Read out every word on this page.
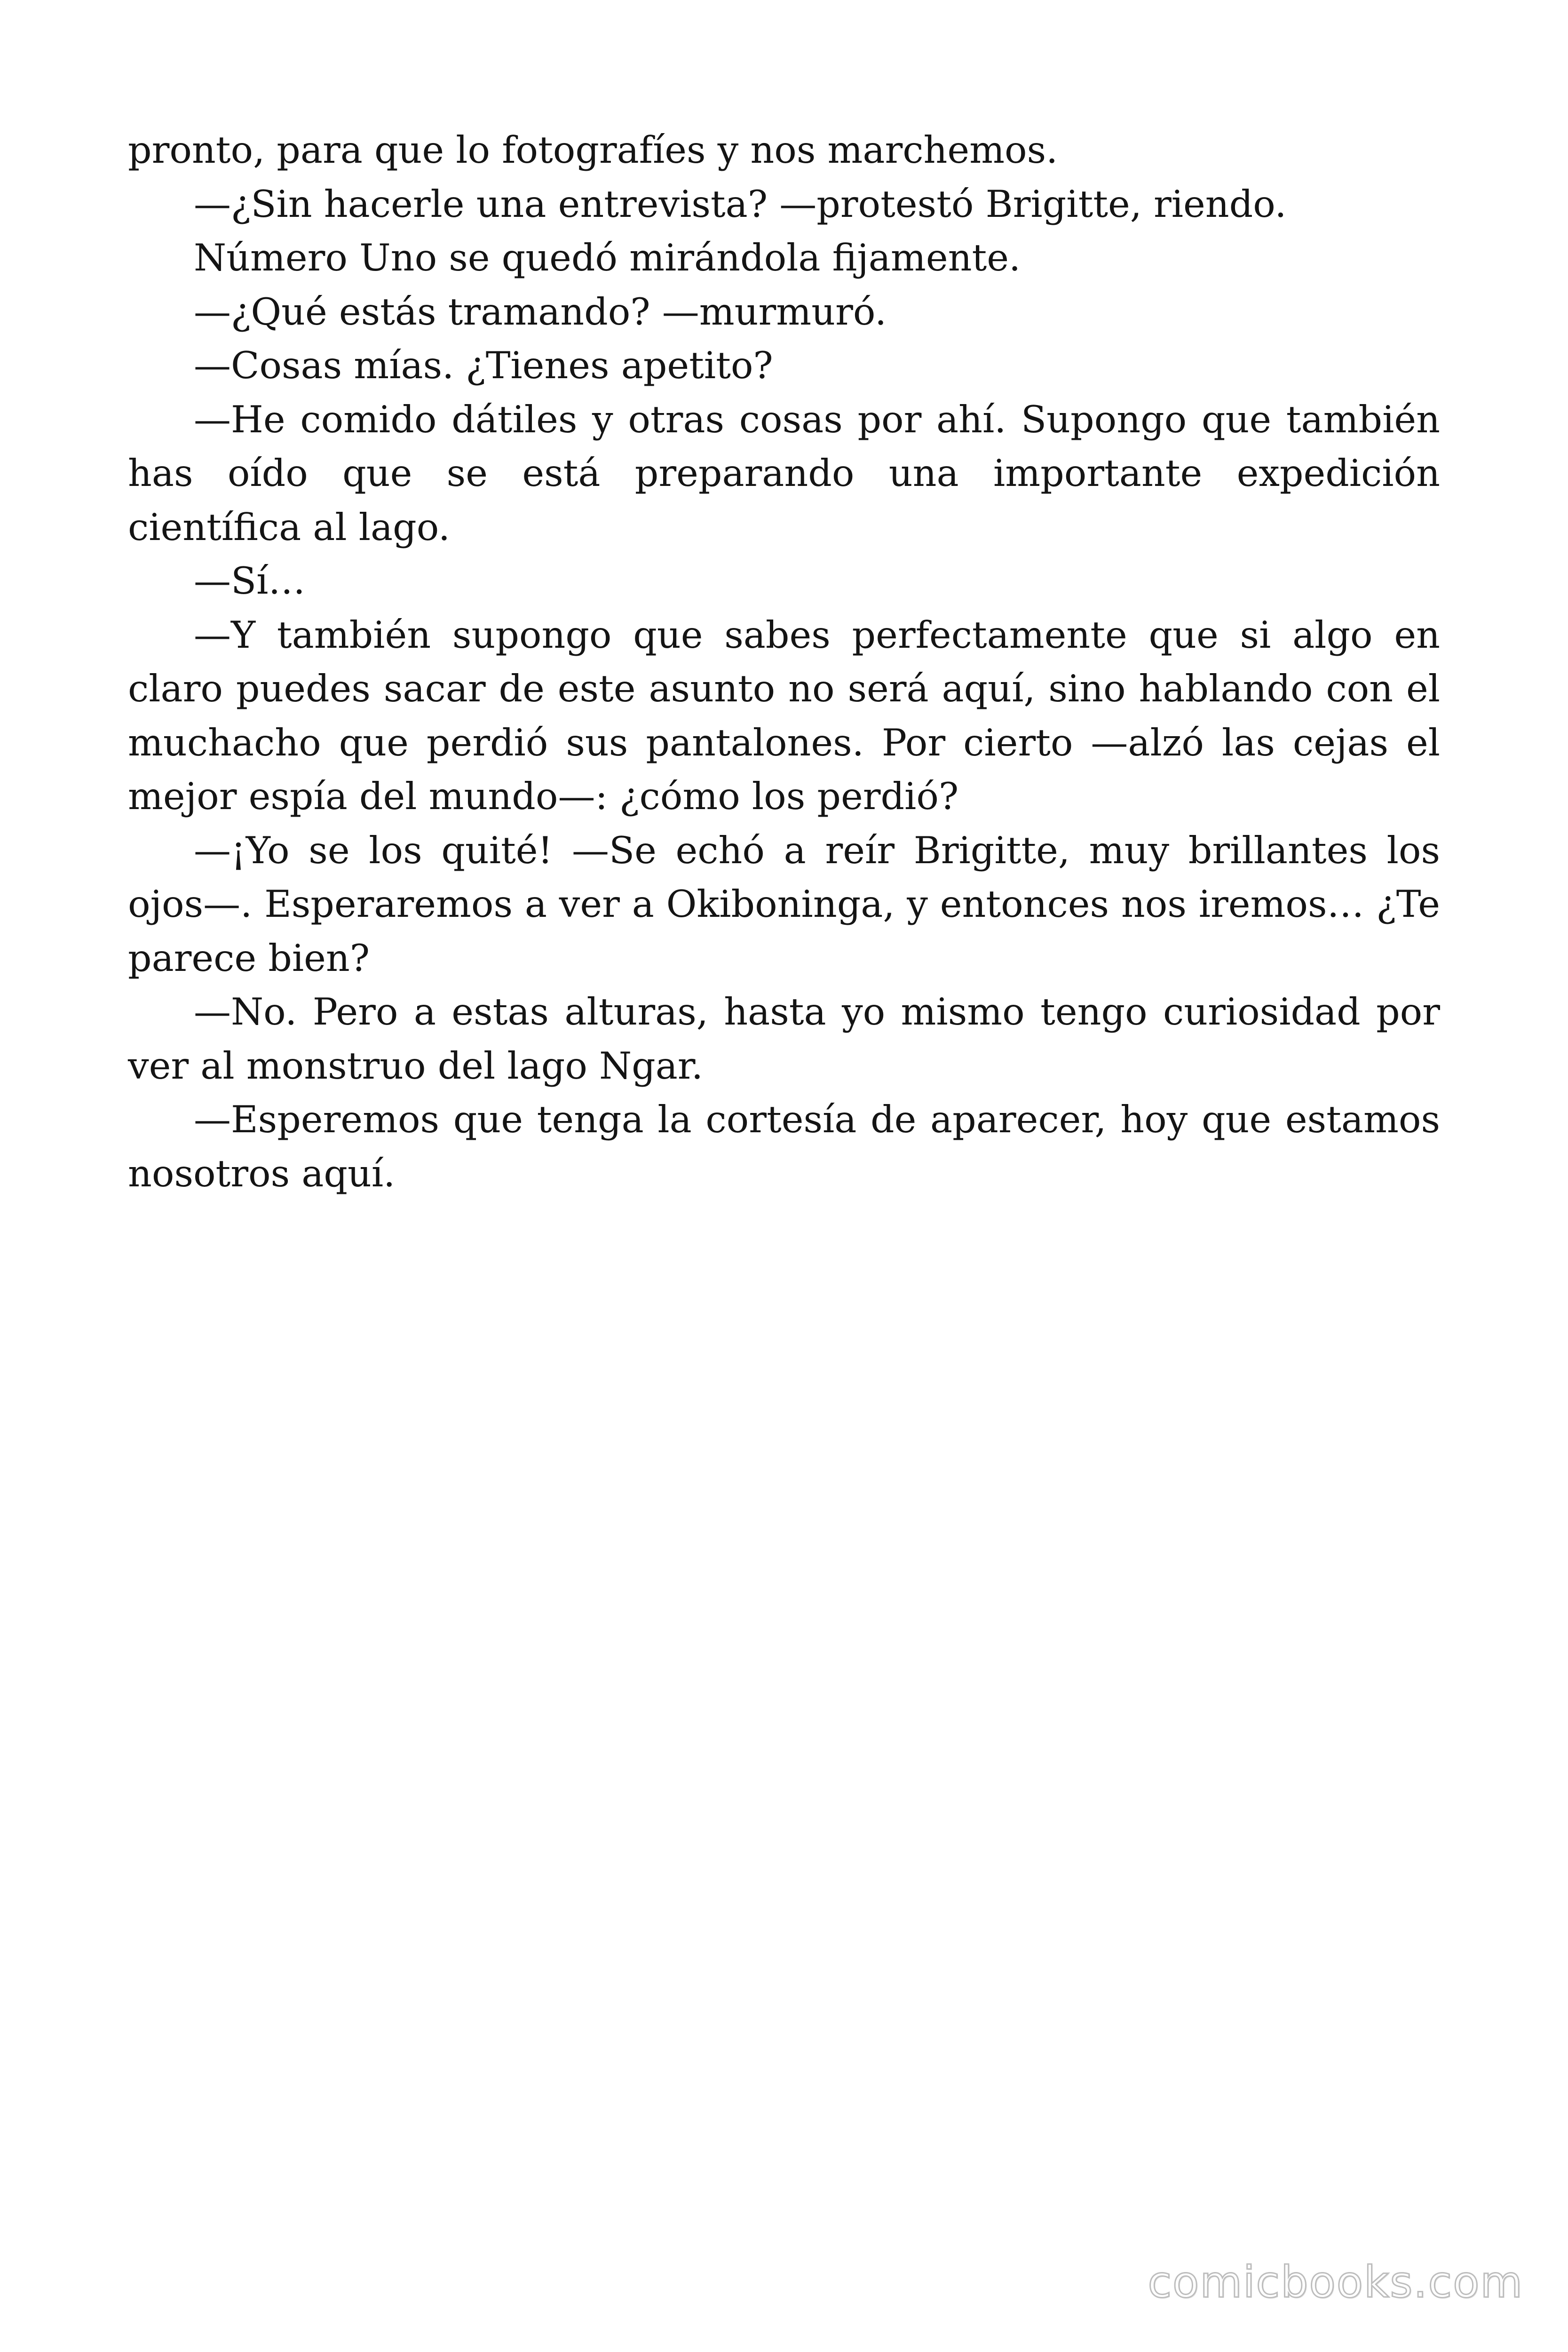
pronto, para que lo fotografíes y nos marchemos.

—¿Sin hacerle una entrevista? —protestó Brigitte, riendo.

Número Uno se quedó mirándola fijamente.

—¿Qué estás tramando? —murmuró.

—Cosas mías. ¿Tienes apetito?

—He comido dátiles y otras cosas por ahí. Supongo que también has oído que se está preparando una importante expedición científica al lago.

—Sí…

—Y también supongo que sabes perfectamente que si algo en claro puedes sacar de este asunto no será aquí, sino hablando con el muchacho que perdió sus pantalones. Por cierto —alzó las cejas el mejor espía del mundo—: ¿cómo los perdió?

—¡Yo se los quité! —Se echó a reír Brigitte, muy brillantes los ojos—. Esperaremos a ver a Okiboninga, y entonces nos iremos… ¿Te parece bien?

—No. Pero a estas alturas, hasta yo mismo tengo curiosidad por ver al monstruo del lago Ngar.

—Esperemos que tenga la cortesía de aparecer, hoy que estamos nosotros aquí.

comicbooks.com
